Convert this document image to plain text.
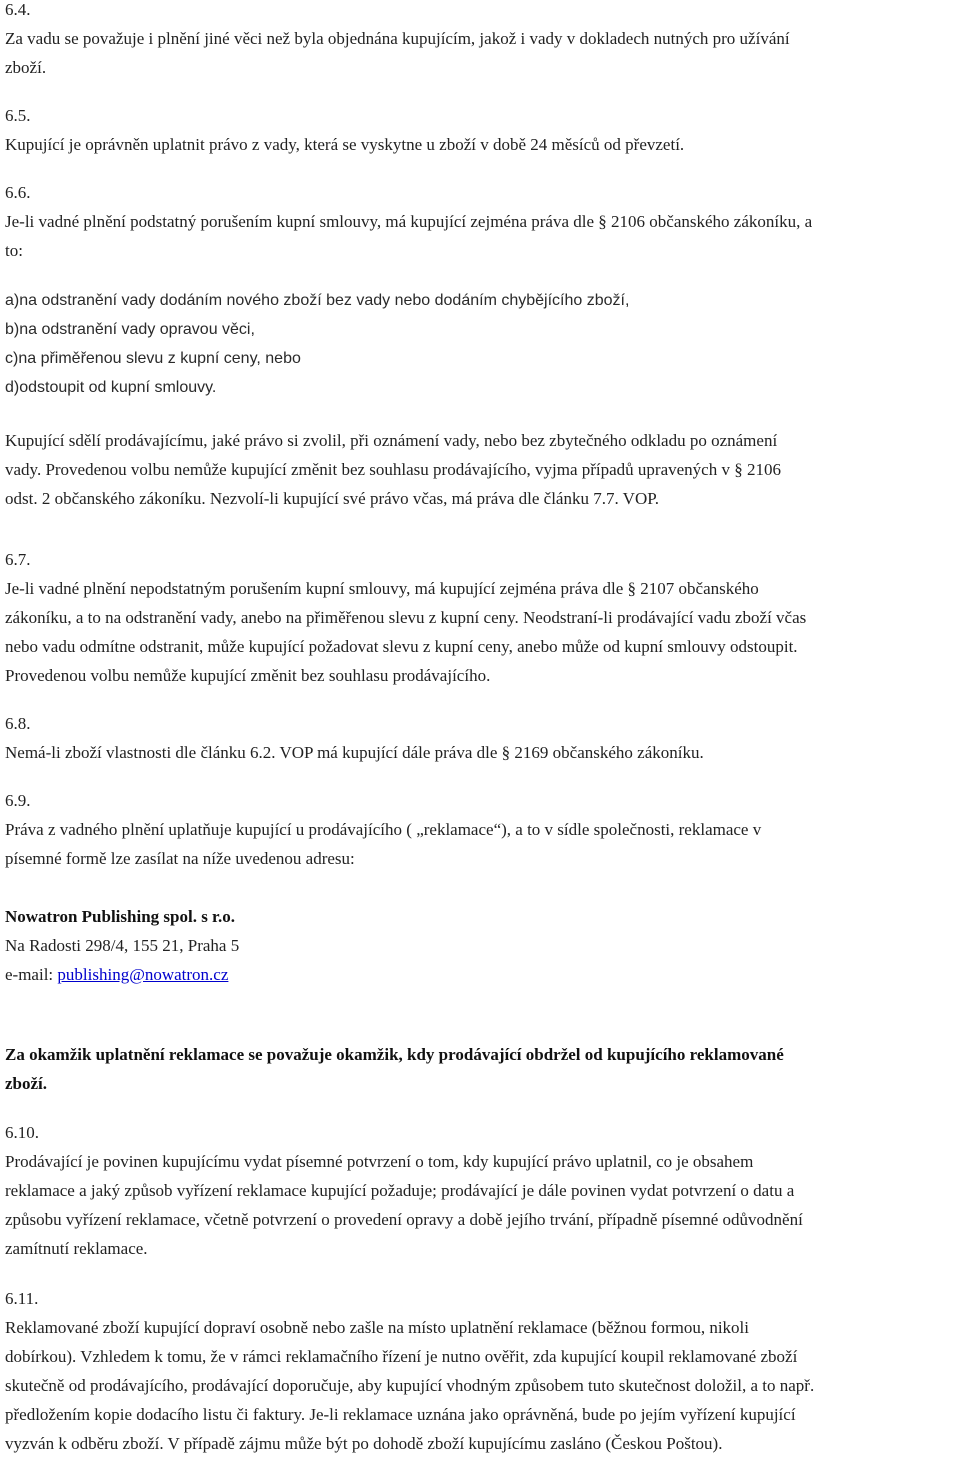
6.4.
Za vadu se považuje i plnění jiné věci než byla objednána kupujícím, jakož i vady v dokladech nutných pro užívání
zboží.
6.5.
Kupující je oprávněn uplatnit právo z vady, která se vyskytne u zboží v době 24 měsíců od převzetí.
6.6.
Je-li vadné plnění podstatný porušením kupní smlouvy, má kupující zejména práva dle § 2106 občanského zákoníku, a
to:
a)na odstranění vady dodáním nového zboží bez vady nebo dodáním chybějícího zboží,
b)na odstranění vady opravou věci,
c)na přiměřenou slevu z kupní ceny, nebo
d)odstoupit od kupní smlouvy.
Kupující sdělí prodávajícímu, jaké právo si zvolil, při oznámení vady, nebo bez zbytečného odkladu po oznámení
vady. Provedenou volbu nemůže kupující změnit bez souhlasu prodávajícího, vyjma případů upravených v § 2106
odst. 2 občanského zákoníku. Nezvolí-li kupující své právo včas, má práva dle článku 7.7. VOP.
6.7.
Je-li vadné plnění nepodstatným porušením kupní smlouvy, má kupující zejména práva dle § 2107 občanského
zákoníku, a to na odstranění vady, anebo na přiměřenou slevu z kupní ceny. Neodstraní-li prodávající vadu zboží včas
nebo vadu odmítne odstranit, může kupující požadovat slevu z kupní ceny, anebo může od kupní smlouvy odstoupit.
Provedenou volbu nemůže kupující změnit bez souhlasu prodávajícího.
6.8.
Nemá-li zboží vlastnosti dle článku 6.2. VOP má kupující dále práva dle § 2169 občanského zákoníku.
6.9.
Práva z vadného plnění uplatňuje kupující u prodávajícího ( „reklamace“), a to v sídle společnosti, reklamace v
písemné formě lze zasílat na níže uvedenou adresu:
Nowatron Publishing spol. s r.o.
Na Radosti 298/4, 155 21, Praha 5
e-mail: publishing@nowatron.cz
Za okamžik uplatnění reklamace se považuje okamžik, kdy prodávající obdržel od kupujícího reklamované
zboží.
6.10.
Prodávající je povinen kupujícímu vydat písemné potvrzení o tom, kdy kupující právo uplatnil, co je obsahem
reklamace a jaký způsob vyřízení reklamace kupující požaduje; prodávající je dále povinen vydat potvrzení o datu a
způsobu vyřízení reklamace, včetně potvrzení o provedení opravy a době jejího trvání, případně písemné odůvodnění
zamítnutí reklamace.
6.11.
Reklamované zboží kupující dopraví osobně nebo zašle na místo uplatnění reklamace (běžnou formou, nikoli
dobírkou). Vzhledem k tomu, že v rámci reklamačního řízení je nutno ověřit, zda kupující koupil reklamované zboží
skutečně od prodávajícího, prodávající doporučuje, aby kupující vhodným způsobem tuto skutečnost doložil, a to např.
předložením kopie dodacího listu či faktury. Je-li reklamace uznána jako oprávněná, bude po jejím vyřízení kupující
vyzván k odběru zboží. V případě zájmu může být po dohodě zboží kupujícímu zasláno (Českou Poštou).
